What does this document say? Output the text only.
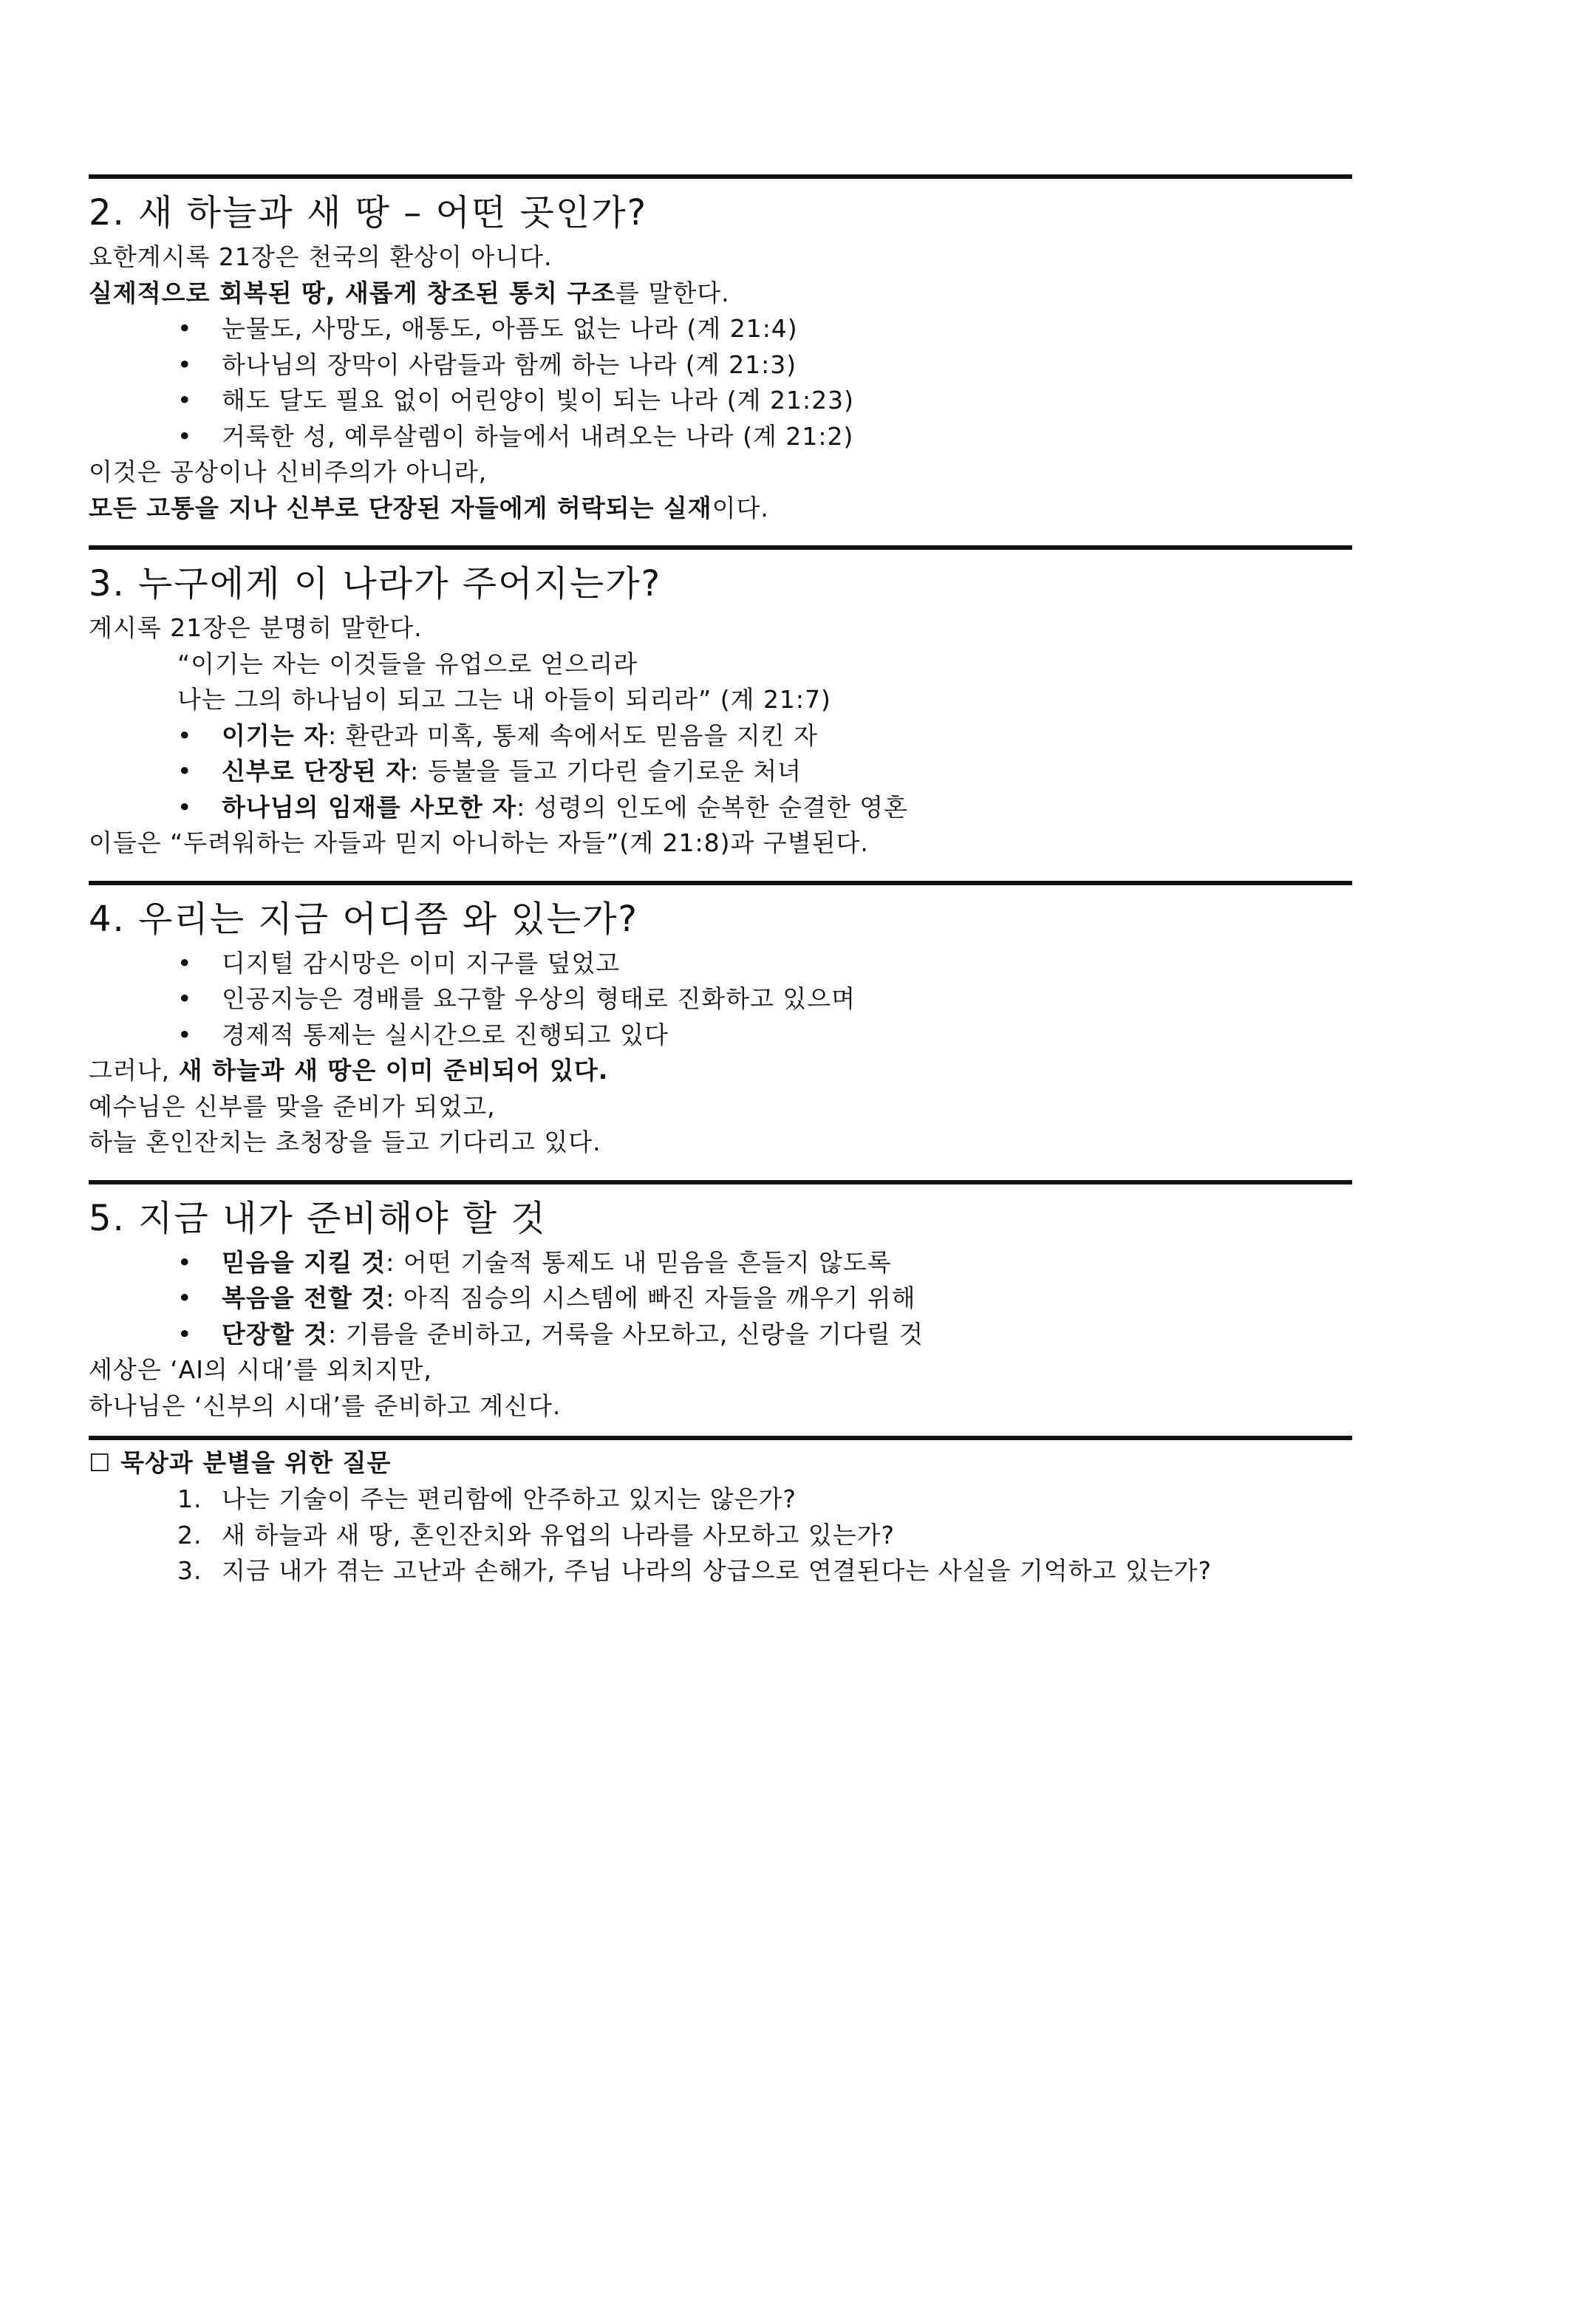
2. 새 하늘과 새 땅 – 어떤 곳인가?

요한계시록 21장은 천국의 환상이 아니다.

실제적으로 회복된 땅, 새롭게 창조된 통치 구조를 말한다.

•	눈물도, 사망도, 애통도, 아픔도 없는 나라 (계 21:4)

•	하나님의 장막이 사람들과 함께 하는 나라 (계 21:3)

•	해도 달도 필요 없이 어린양이 빛이 되는 나라 (계 21:23)

•	거룩한 성, 예루살렘이 하늘에서 내려오는 나라 (계 21:2)

이것은 공상이나 신비주의가 아니라,

모든 고통을 지나 신부로 단장된 자들에게 허락되는 실재이다.

3. 누구에게 이 나라가 주어지는가?

계시록 21장은 분명히 말한다.

“이기는 자는 이것들을 유업으로 얻으리라

나는 그의 하나님이 되고 그는 내 아들이 되리라” (계 21:7)

•	이기는 자: 환란과 미혹, 통제 속에서도 믿음을 지킨 자

•	신부로 단장된 자: 등불을 들고 기다린 슬기로운 처녀

•	하나님의 임재를 사모한 자: 성령의 인도에 순복한 순결한 영혼

이들은 “두려워하는 자들과 믿지 아니하는 자들”(계 21:8)과 구별된다.

4. 우리는 지금 어디쯤 와 있는가?

•	디지털 감시망은 이미 지구를 덮었고

•	인공지능은 경배를 요구할 우상의 형태로 진화하고 있으며

•	경제적 통제는 실시간으로 진행되고 있다

그러나, 새 하늘과 새 땅은 이미 준비되어 있다.

예수님은 신부를 맞을 준비가 되었고,

하늘 혼인잔치는 초청장을 들고 기다리고 있다.

5. 지금 내가 준비해야 할 것

•	믿음을 지킬 것: 어떤 기술적 통제도 내 믿음을 흔들지 않도록

•	복음을 전할 것: 아직 짐승의 시스템에 빠진 자들을 깨우기 위해

•	단장할 것: 기름을 준비하고, 거룩을 사모하고, 신랑을 기다릴 것

세상은 ‘AI의 시대’를 외치지만,

하나님은 ‘신부의 시대’를 준비하고 계신다.

☐ 묵상과 분별을 위한 질문

1. 나는 기술이 주는 편리함에 안주하고 있지는 않은가?

2. 새 하늘과 새 땅, 혼인잔치와 유업의 나라를 사모하고 있는가?

3. 지금 내가 겪는 고난과 손해가, 주님 나라의 상급으로 연결된다는 사실을 기억하고 있는가?
